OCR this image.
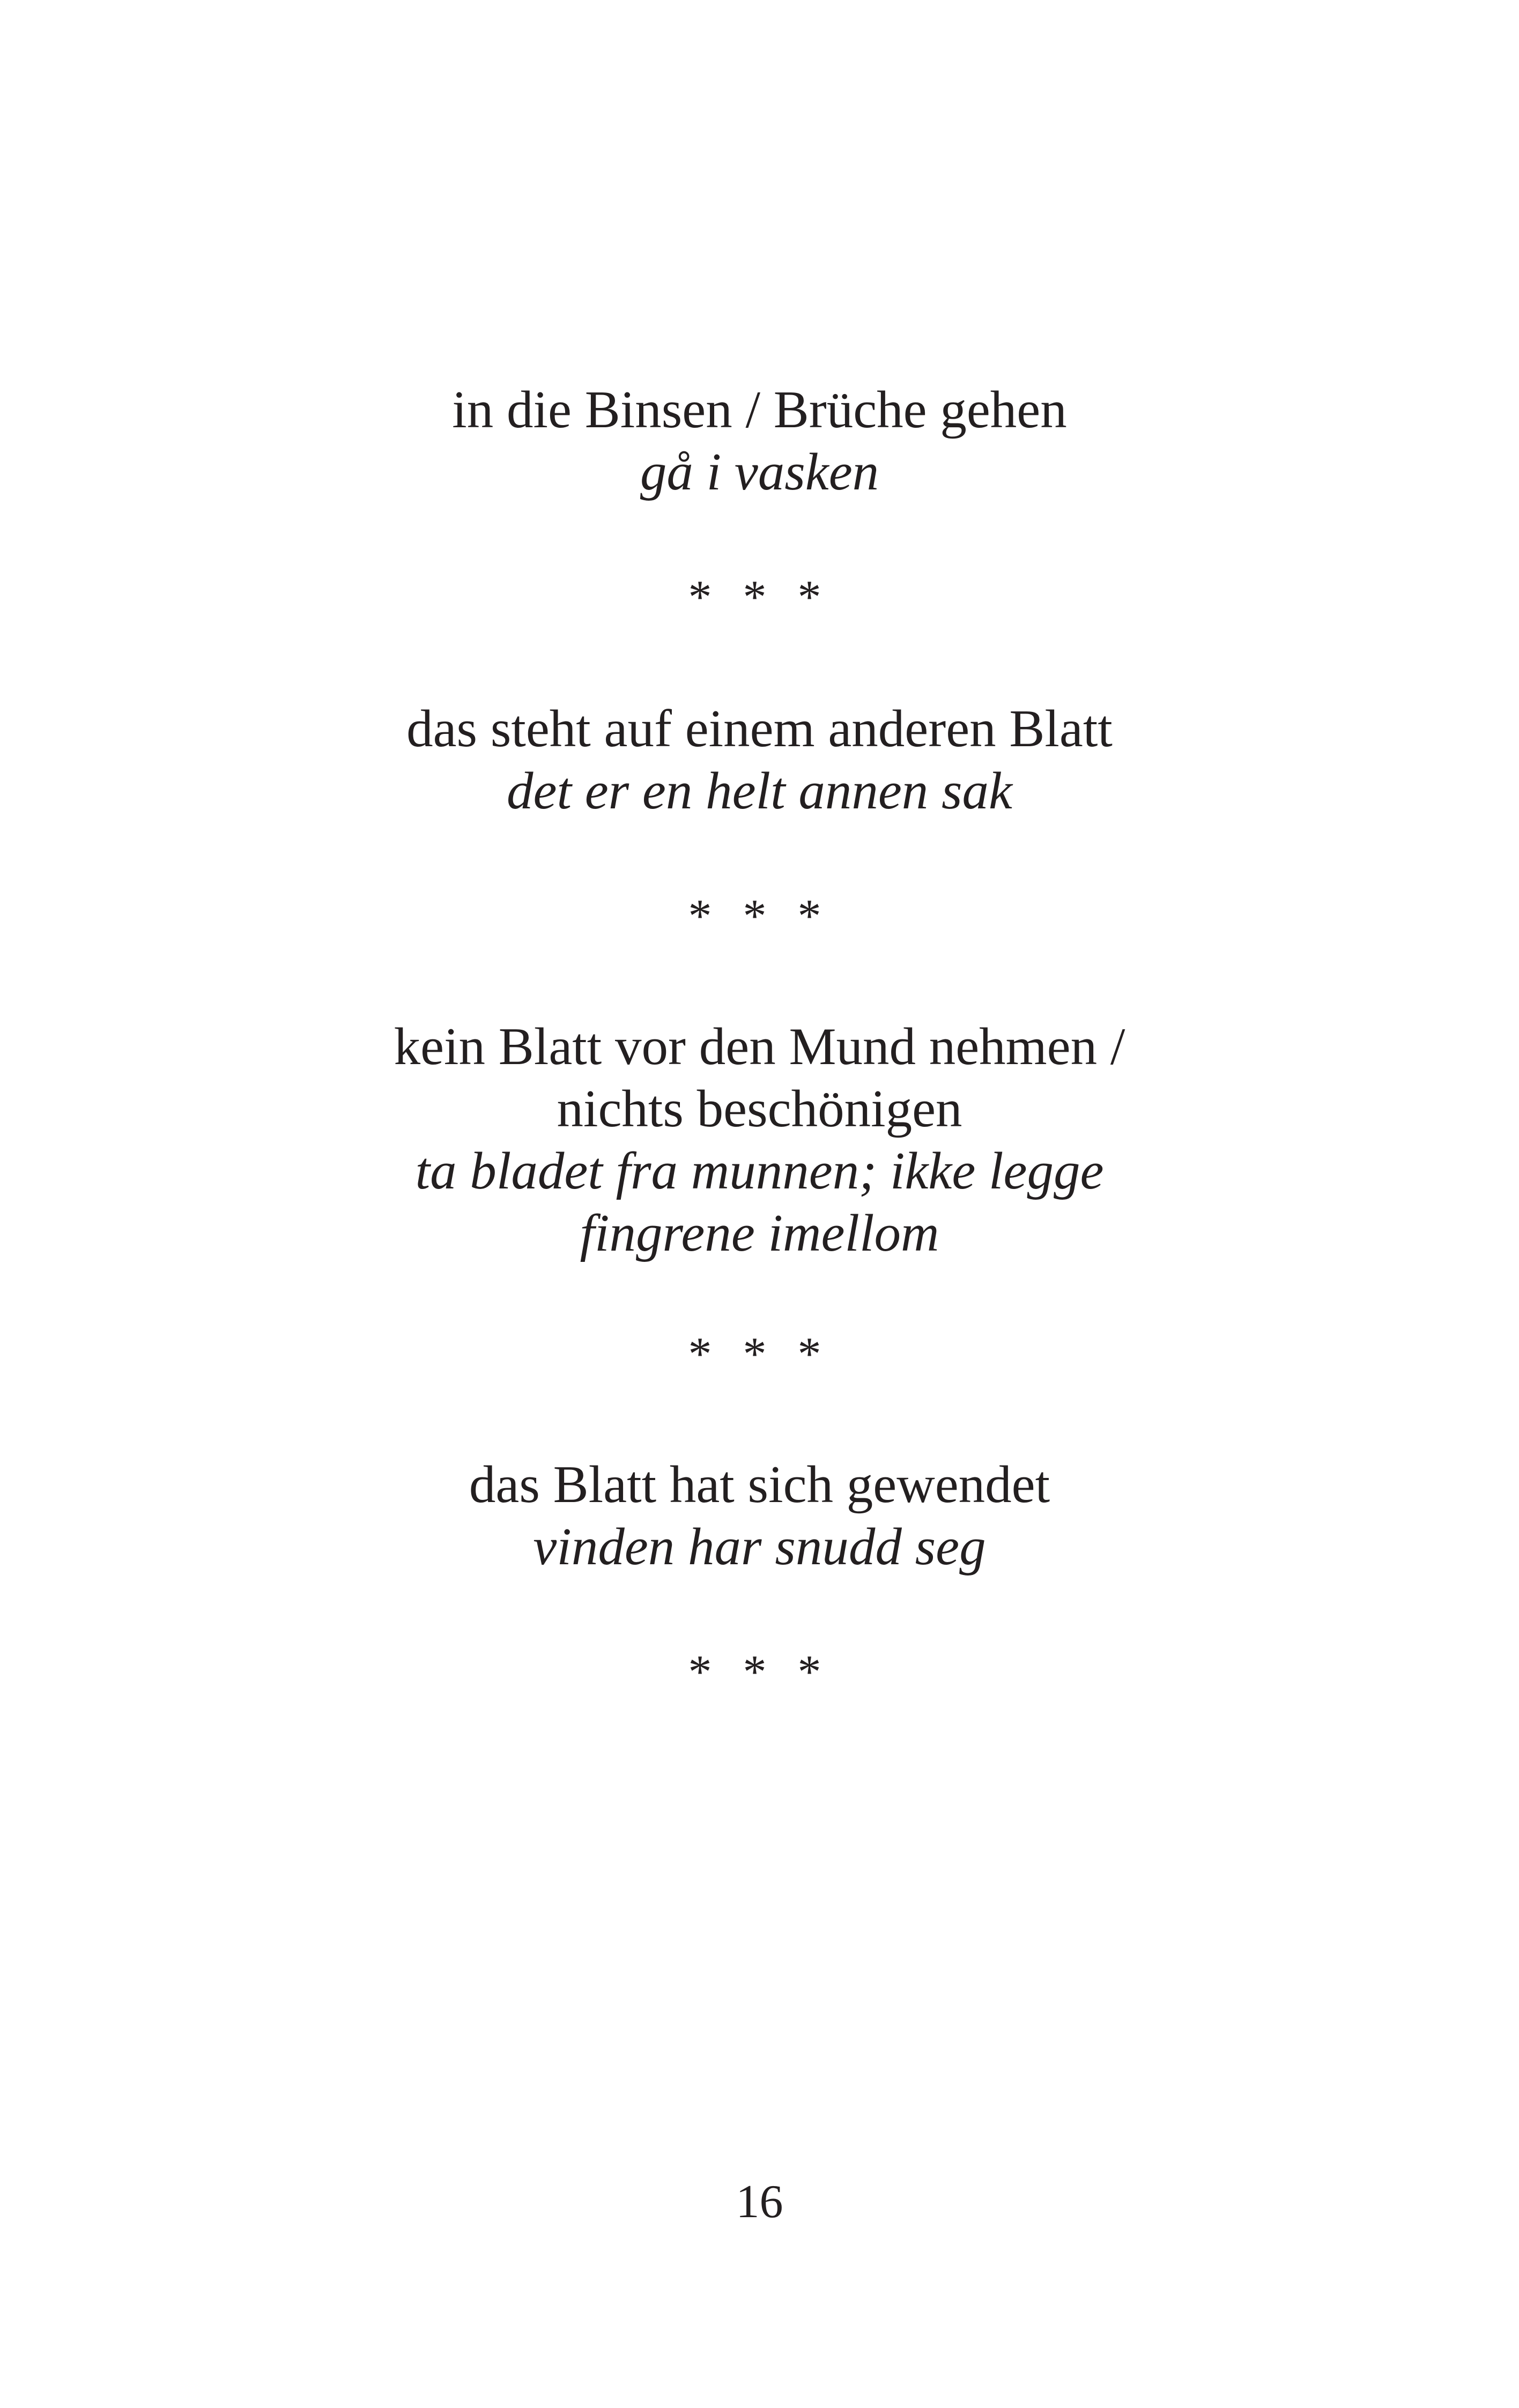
in die Binsen / Brüche gehen
gå i vasken
* * *
das steht auf einem anderen Blatt
det er en helt annen sak
* * *
kein Blatt vor den Mund nehmen /
nichts beschönigen
ta bladet fra munnen; ikke legge
fingrene imellom
* * *
das Blatt hat sich gewendet
vinden har snudd seg
* * *
16
